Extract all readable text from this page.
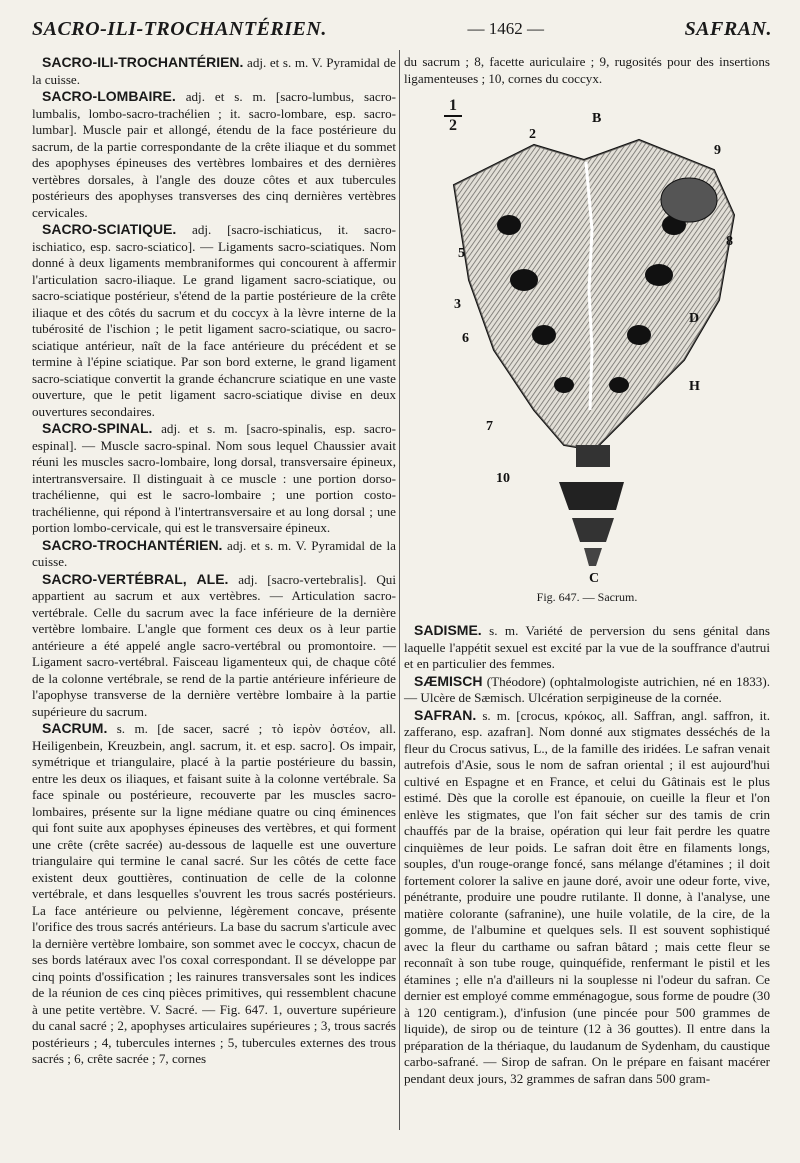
SACRO-ILI-TROCHANTÉRIEN.	— 1462 —	SAFRAN.

SACRO-ILI-TROCHANTÉRIEN. adj. et s. m. V. Pyramidal de la cuisse.

SACRO-LOMBAIRE. adj. et s. m. [sacro-lumbus, sacro-lumbalis, lombo-sacro-trachélien ; it. sacro-lombare, esp. sacro-lumbar]. Muscle pair et allongé, étendu de la face postérieure du sacrum, de la partie correspondante de la crête iliaque et du sommet des apophyses épineuses des vertèbres lombaires et des dernières vertèbres dorsales, à l'angle des douze côtes et aux tubercules postérieurs des apophyses transverses des cinq dernières vertèbres cervicales.

SACRO-SCIATIQUE. adj. [sacro-ischiaticus, it. sacro-ischiatico, esp. sacro-sciatico]. — Ligaments sacro-sciatiques. Nom donné à deux ligaments membraniformes qui concourent à affermir l'articulation sacro-iliaque. Le grand ligament sacro-sciatique, ou sacro-sciatique postérieur, s'étend de la partie postérieure de la crête iliaque et des côtés du sacrum et du coccyx à la lèvre interne de la tubérosité de l'ischion ; le petit ligament sacro-sciatique, ou sacro-sciatique antérieur, naît de la face antérieure du précédent et se termine à l'épine sciatique. Par son bord externe, le grand ligament sacro-sciatique convertit la grande échancrure sciatique en une vaste ouverture, que le petit ligament sacro-sciatique divise en deux ouvertures secondaires.

SACRO-SPINAL. adj. et s. m. [sacro-spinalis, esp. sacro-espinal]. — Muscle sacro-spinal. Nom sous lequel Chaussier avait réuni les muscles sacro-lombaire, long dorsal, transversaire épineux, intertransversaire. Il distinguait à ce muscle : une portion dorso-trachélienne, qui est le sacro-lombaire ; une portion costo-trachélienne, qui répond à l'intertransversaire et au long dorsal ; une portion lombo-cervicale, qui est le transversaire épineux.

SACRO-TROCHANTÉRIEN. adj. et s. m. V. Pyramidal de la cuisse.

SACRO-VERTÉBRAL, ALE. adj. [sacro-vertebralis]. Qui appartient au sacrum et aux vertèbres. — Articulation sacro-vertébrale. Celle du sacrum avec la face inférieure de la dernière vertèbre lombaire. L'angle que forment ces deux os à leur partie antérieure a été appelé angle sacro-vertébral ou promontoire. — Ligament sacro-vertébral. Faisceau ligamenteux qui, de chaque côté de la colonne vertébrale, se rend de la partie antérieure inférieure de l'apophyse transverse de la dernière vertèbre lombaire à la partie supérieure du sacrum.

SACRUM. s. m. [de sacer, sacré ; τὸ ἱερὸν ὀστέον, all. Heiligenbein, Kreuzbein, angl. sacrum, it. et esp. sacro]. Os impair, symétrique et triangulaire, placé à la partie postérieure du bassin, entre les deux os iliaques, et faisant suite à la colonne vertébrale. Sa face spinale ou postérieure, recouverte par les muscles sacro-lombaires, présente sur la ligne médiane quatre ou cinq éminences qui font suite aux apophyses épineuses des vertèbres, et qui forment une crête (crête sacrée) au-dessous de laquelle est une ouverture triangulaire qui termine le canal sacré. Sur les côtés de cette face existent deux gouttières, continuation de celle de la colonne vertébrale, et dans lesquelles s'ouvrent les trous sacrés postérieurs. La face antérieure ou pelvienne, légèrement concave, présente l'orifice des trous sacrés antérieurs. La base du sacrum s'articule avec la dernière vertèbre lombaire, son sommet avec le coccyx, chacun de ses bords latéraux avec l'os coxal correspondant. Il se développe par cinq points d'ossification ; les rainures transversales sont les indices de la réunion de ces cinq pièces primitives, qui ressemblent chacune à une petite vertèbre. V. Sacré. — Fig. 647. 1, ouverture supérieure du canal sacré ; 2, apophyses articulaires supérieures ; 3, trous sacrés postérieurs ; 4, tubercules internes ; 5, tubercules externes des trous sacrés ; 6, crête sacrée ; 7, cornes

du sacrum ; 8, facette auriculaire ; 9, rugosités pour des insertions ligamenteuses ; 10, cornes du coccyx.

1
2
2
9
8
5
3
6
D
H
7
10
B
C
Fig. 647. — Sacrum.

SADISME. s. m. Variété de perversion du sens génital dans laquelle l'appétit sexuel est excité par la vue de la souffrance d'autrui et en particulier des femmes.

SÆMISCH (Théodore) (ophtalmologiste autrichien, né en 1833). — Ulcère de Sæmisch. Ulcération serpigineuse de la cornée.

SAFRAN. s. m. [crocus, κρόκος, all. Saffran, angl. saffron, it. zafferano, esp. azafran]. Nom donné aux stigmates desséchés de la fleur du Crocus sativus, L., de la famille des iridées. Le safran venait autrefois d'Asie, sous le nom de safran oriental ; il est aujourd'hui cultivé en Espagne et en France, et celui du Gâtinais est le plus estimé. Dès que la corolle est épanouie, on cueille la fleur et l'on enlève les stigmates, que l'on fait sécher sur des tamis de crin chauffés par de la braise, opération qui leur fait perdre les quatre cinquièmes de leur poids. Le safran doit être en filaments longs, souples, d'un rouge-orange foncé, sans mélange d'étamines ; il doit fortement colorer la salive en jaune doré, avoir une odeur forte, vive, pénétrante, produire une poudre rutilante. Il donne, à l'analyse, une matière colorante (safranine), une huile volatile, de la cire, de la gomme, de l'albumine et quelques sels. Il est souvent sophistiqué avec la fleur du carthame ou safran bâtard ; mais cette fleur se reconnaît à son tube rouge, quinquéfide, renfermant le pistil et les étamines ; elle n'a d'ailleurs ni la souplesse ni l'odeur du safran. Ce dernier est employé comme emménagogue, sous forme de poudre (30 à 120 centigram.), d'infusion (une pincée pour 500 grammes de liquide), de sirop ou de teinture (12 à 36 gouttes). Il entre dans la préparation de la thériaque, du laudanum de Sydenham, du caustique carbo-safrané. — Sirop de safran. On le prépare en faisant macérer pendant deux jours, 32 grammes de safran dans 500 gram-
